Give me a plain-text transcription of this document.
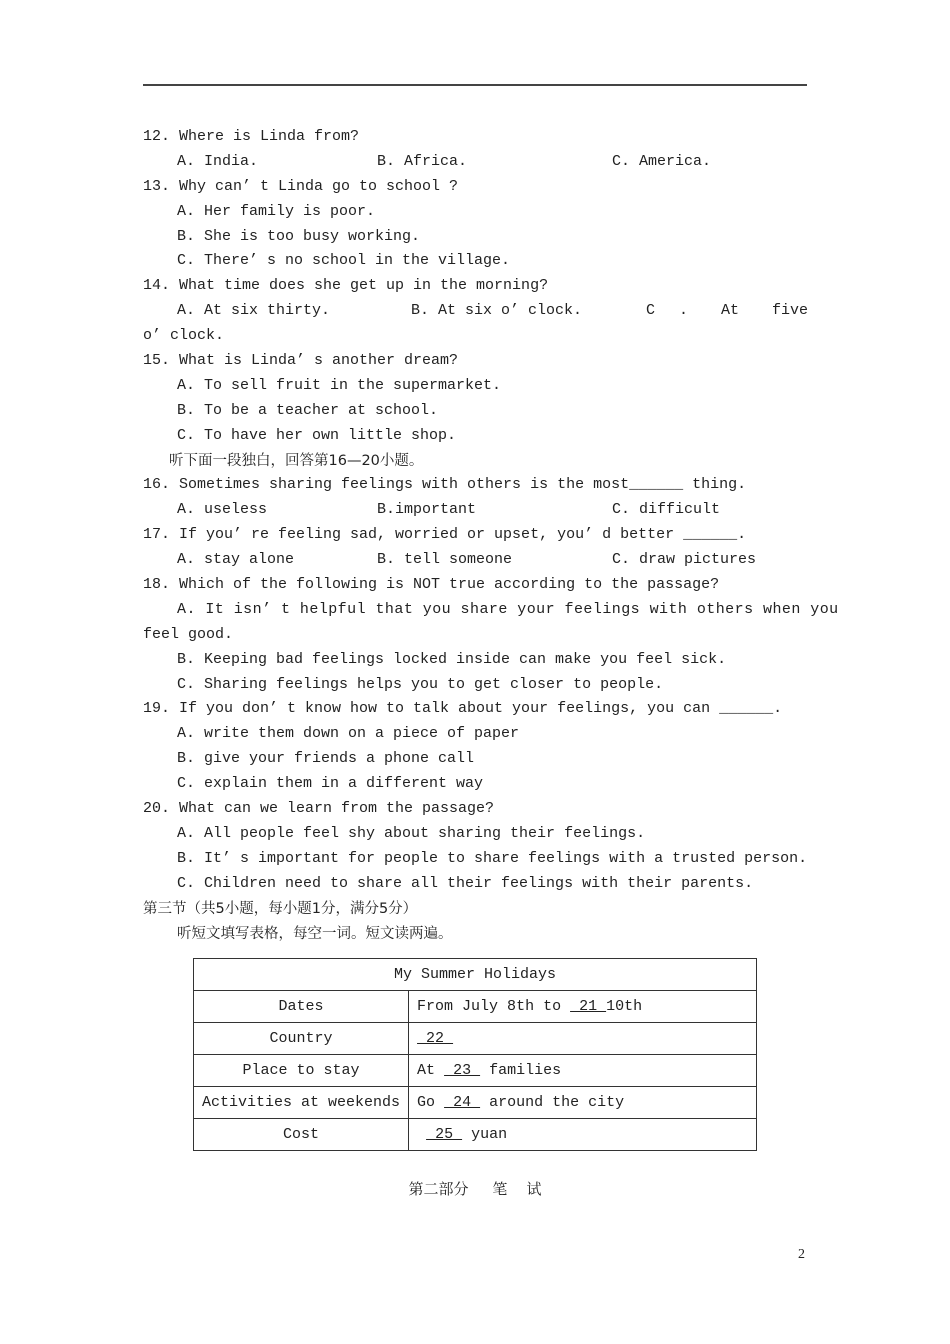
12. Where is Linda from?
A. India.	B. Africa.	C. America.
13. Why can’ t Linda go to school ?
A. Her family is poor.
B. She is too busy working.
C. There’ s no school in the village.
14. What time does she get up in the morning?
A. At six thirty.	B. At six o’ clock.	C . At five
o’ clock.
15. What is Linda’ s another dream?
A. To sell fruit in the supermarket.
B. To be a teacher at school.
C. To have her own little shop.
听下面一段独白，回答第16—20小题。
16. Sometimes sharing feelings with others is the most______ thing.
A. useless	B.important	C. difficult
17. If you’ re feeling sad, worried or upset, you’ d better ______.
A. stay alone	B. tell someone	C. draw pictures
18. Which of the following is NOT true according to the passage?
A. It isn’ t helpful that you share your feelings with others when you
feel good.
B. Keeping bad feelings locked inside can make you feel sick.
C. Sharing feelings helps you to get closer to people.
19. If you don’ t know how to talk about your feelings, you can ______.
A. write them down on a piece of paper
B. give your friends a phone call
C. explain them in a different way
20. What can we learn from the passage?
A. All people feel shy about sharing their feelings.
B. It’ s important for people to share feelings with a trusted person.
C. Children need to share all their feelings with their parents.
第三节（共5小题，每小题1分，满分5分）
听短文填写表格，每空一词。短文读两遍。
My Summer Holidays	
Dates	From July 8th to  21 10th
Country	22
Place to stay	At  23  families
Activities at weekends	Go  24  around the city
Cost	25  yuan
第二部分     笔    试
2
